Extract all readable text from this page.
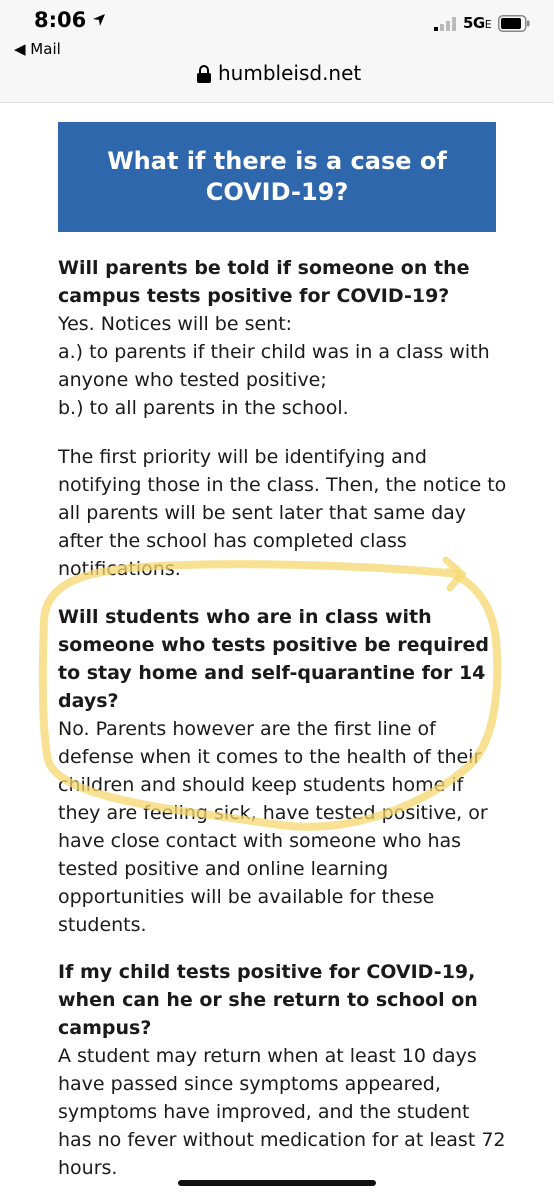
8:06
◀ Mail
5GE
humbleisd.net
What if there is a case of COVID-19?

Will parents be told if someone on the campus tests positive for COVID-19?

Yes. Notices will be sent:

a.) to parents if their child was in a class with anyone who tested positive;

b.) to all parents in the school.

The first priority will be identifying and notifying those in the class. Then, the notice to all parents will be sent later that same day after the school has completed class notifications.

Will students who are in class with someone who tests positive be required to stay home and self-quarantine for 14 days?

No. Parents however are the first line of defense when it comes to the health of their children and should keep students home if they are feeling sick, have tested positive, or have close contact with someone who has tested positive and online learning opportunities will be available for these students.

If my child tests positive for COVID-19, when can he or she return to school on campus?

A student may return when at least 10 days have passed since symptoms appeared, symptoms have improved, and the student has no fever without medication for at least 72 hours.
